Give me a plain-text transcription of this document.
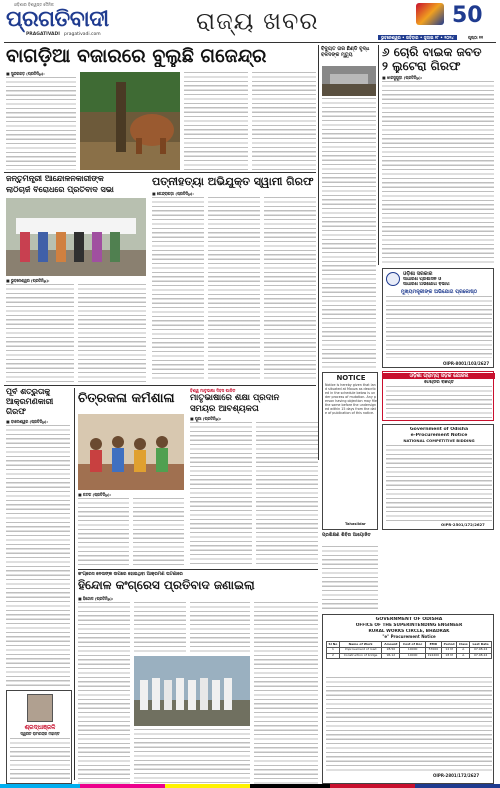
ଓଡ଼ିଶାର ବିଶ୍ୱସ୍ତ ଦୈନିକ
ପ୍ରଗତିବାଦୀ
PRAGATIVADI pragativadi.com	ରାଜ୍ୟ ଖବର	50
ଭୁବନେଶ୍ୱର • ରବିବାର • ଜୁଲାଇ ୨୮ • ୨୦୨୪	ପୃଷ୍ଠା ୧୧
ବାଗଡ଼ିଆ ବଜାରରେ ବୁଲୁଛି ଗଜେନ୍ଦ୍ର
■ ସୁନ୍ଦରଗଡ଼ (ପ୍ରତିନିଧି):
ବିଦ୍ୟୁତ ତାର ଛିଣ୍ଡି ବୃଦ୍ଧ ବଳଦଙ୍କ ମୃତ୍ୟୁ	୬ ଚୋରି ବାଇକ ଜବତ
୨ ଲୁଟେରା ଗିରଫ
■ ଝାରସୁଗୁଡ଼ା (ପ୍ରତିନିଧି):
ଜନ୍ତୁମନ୍ତ୍ରୀ ଆନ୍ଦୋଳନକାରୀଙ୍କ
ଲାଠିଚାର୍ଜ ବିରୋଧରେ ପ୍ରତିବାଦ ସଭା
■ ଭୁବନେଶ୍ୱର (ପ୍ରତିନିଧି):
ପତ୍ନୀହତ୍ୟା ଅଭିଯୁକ୍ତ ସ୍ୱାମୀ ଗିରଫ
■ କେନ୍ଦ୍ରାପଡ଼ା (ପ୍ରତିନିଧି):
ଓଡ଼ିଶା ସରକାର
ସାଧାରଣ ପ୍ରଶାସନ ଓ
ସାଧାରଣ ଅଭିଯୋଗ ବିଭାଗ
ମୁଖ୍ୟମନ୍ତ୍ରୀଙ୍କ ଅଭିଯୋଗ ପ୍ରକୋଷ୍ଠ
OIPR-8001/103/2627
ଓଡ଼ିଶା ଗ୍ରାମ୍ୟ ସଡ଼କ ଯୋଜନା
ଟେଣ୍ଡର ବିଜ୍ଞପ୍ତି
NOTICE
Notice is hereby given that land situated at Mouza as described in the schedule below is under process of mutation. Any person having objection may file the same before the undersigned within 15 days from the date of publication of this notice.
Tahasildar
Government of Odisha
e-Procurement Notice
NATIONAL COMPETITIVE BIDDING
OIPR-2501/172/2627
ପୂର୍ବ ଶତ୍ରୁତାକୁ
ଆକ୍ରମଣକାରୀ
ଗିରଫ
■ ବାଲେଶ୍ୱର (ପ୍ରତିନିଧି):
ଚିତ୍ରକଳା କର୍ମଶାଳା
■ କଟକ (ପ୍ରତିନିଧି):
ବିଶ୍ୱ ମାତୃଭାଷା ଦିବସ ପାଳିତ
ମାତୃଭାଷାରେ ଶିକ୍ଷା ପ୍ରଦାନ
ସମୟର ଆବଶ୍ୟକତା
■ ପୁରୀ (ପ୍ରତିନିଧି):
କଂଗ୍ରେସ ନେତାଙ୍କ ଉପରେ ହୋଇଥିବା ଆକ୍ରମଣ ଘଟଣାରେ
ହିନ୍ଦୋଳ କଂଗ୍ରେସ ପ୍ରତିବାଦ ଜଣାଇଲା
■ ହିନ୍ଦୋଳ (ପ୍ରତିନିଧି):
ପ୍ରଶିକ୍ଷଣ ଶିବିର ଆୟୋଜିତ
GOVERNMENT OF ODISHA
OFFICE OF THE SUPERINTENDING ENGINEER
RURAL WORKS CIRCLE, BHADRAK
"e" Procurement Notice
Sl No	Name of Work	Amount	Cost of Doc	EMD	Period	Class	Last Date
1	Improvement of road	28.50	10000	57000	12 M	A	07.08.24
2	Construction of bridge	96.12	10000	192200	18 M	A	07.08.24
OIPR-2801/172/2627
ଶ୍ରଦ୍ଧାଞ୍ଜଳି
ସ୍ୱର୍ଗତ ରାମଚନ୍ଦ୍ର ମହାନ୍ତି
